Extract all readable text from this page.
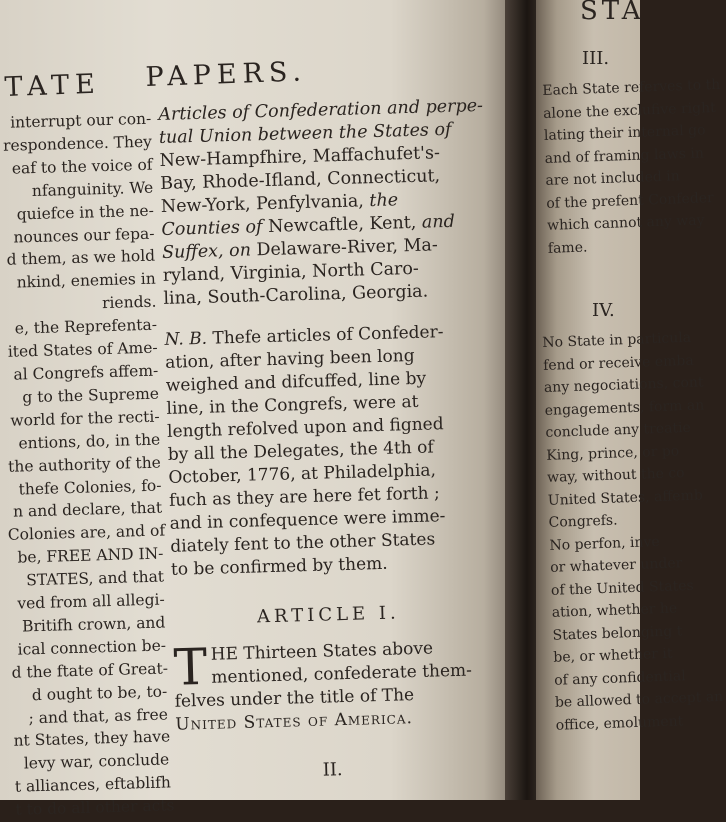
TATE PAPERS.
interrupt our con-
respondence. They
eaf to the voice of
nfanguinity. We
quiefce in the ne-
nounces our fepa-
d them, as we hold
nkind, enemies in
riends.
e, the Reprefenta-
ited States of Ame-
al Congrefs affem-
g to the Supreme
world for the recti-
entions, do, in the
the authority of the
thefe Colonies, fo-
n and declare, that
Colonies are, and of
be, FREE AND IN-
STATES, and that
ved from all allegi-
Britifh crown, and
ical connection be-
d the ftate of Great-
d ought to be, to-
; and that, as free
nt States, they have
levy war, conclude
t alliances, eftablifh
t to do all other acts
Articles of Confederation and perpe-
tual Union between the States of
New-Hampfhire, Maffachufet's-
Bay, Rhode-Ifland, Connecticut,
New-York, Penfylvania, the
Counties of Newcaftle, Kent, and
Suffex, on Delaware-River, Ma-
ryland, Virginia, North Caro-
lina, South-Carolina, Georgia.
N. B. Thefe articles of Confeder-
ation, after having been long
weighed and difcuffed, line by
line, in the Congrefs, were at
length refolved upon and figned
by all the Delegates, the 4th of
October, 1776, at Philadelphia,
fuch as they are here fet forth ;
and in confequence were imme-
diately fent to the other States
to be confirmed by them.
ARTICLE I.
T HE Thirteen States above
mentioned, confederate them-
felves under the title of The
United States of America.
II.
STA
III.
Each State referves to th
alone the exclufive right
lating their internal go
and of framing laws in
are not included in
of the prefent Confeder
which cannot any way
fame.
IV.
No State in particula
fend or receive emba
any negociations, cont
engagements, form an
conclude any treatie
King, prince, or po
way, without the co
United States, affemb
Congrefs.
No perfon, inve
or whatever under
of the United States
ation, whether he
States belonging t
be, or whether it
of any confidential
be allowed to accept an
office, emolument
